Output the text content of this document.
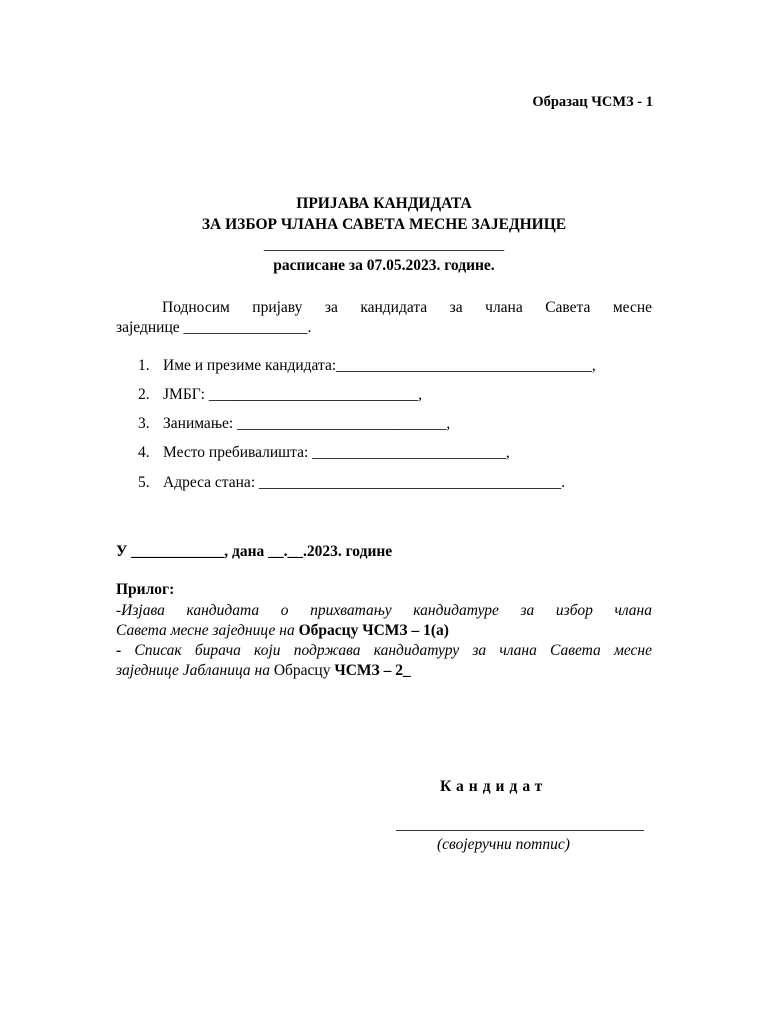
Образац ЧСМЗ - 1
ПРИЈАВА КАНДИДАТА
ЗА ИЗБОР ЧЛАНА САВЕТА МЕСНЕ ЗАЈЕДНИЦЕ
_______________________________
расписане за 07.05.2023. године.
Подносим пријаву за кандидата за члана Савета месне
заједнице ________________.
1. Име и презиме кандидата:_________________________________,
2. ЈМБГ: ___________________________,
3. Занимање: ___________________________,
4. Место пребивалишта: _________________________,
5. Адреса стана: _______________________________________.
У ____________, дана __.__.2023. године
Прилог:
-Изјава кандидата о прихватању кандидатуре за избор члана
Савета месне заједнице на Обрасцу ЧСМЗ – 1(а)
- Списак бирача који подржава кандидатуру за члана Савета месне
заједнице Јабланица на Обрасцу ЧСМЗ – 2_
Кандидат
________________________________
(својеручни потпис)
